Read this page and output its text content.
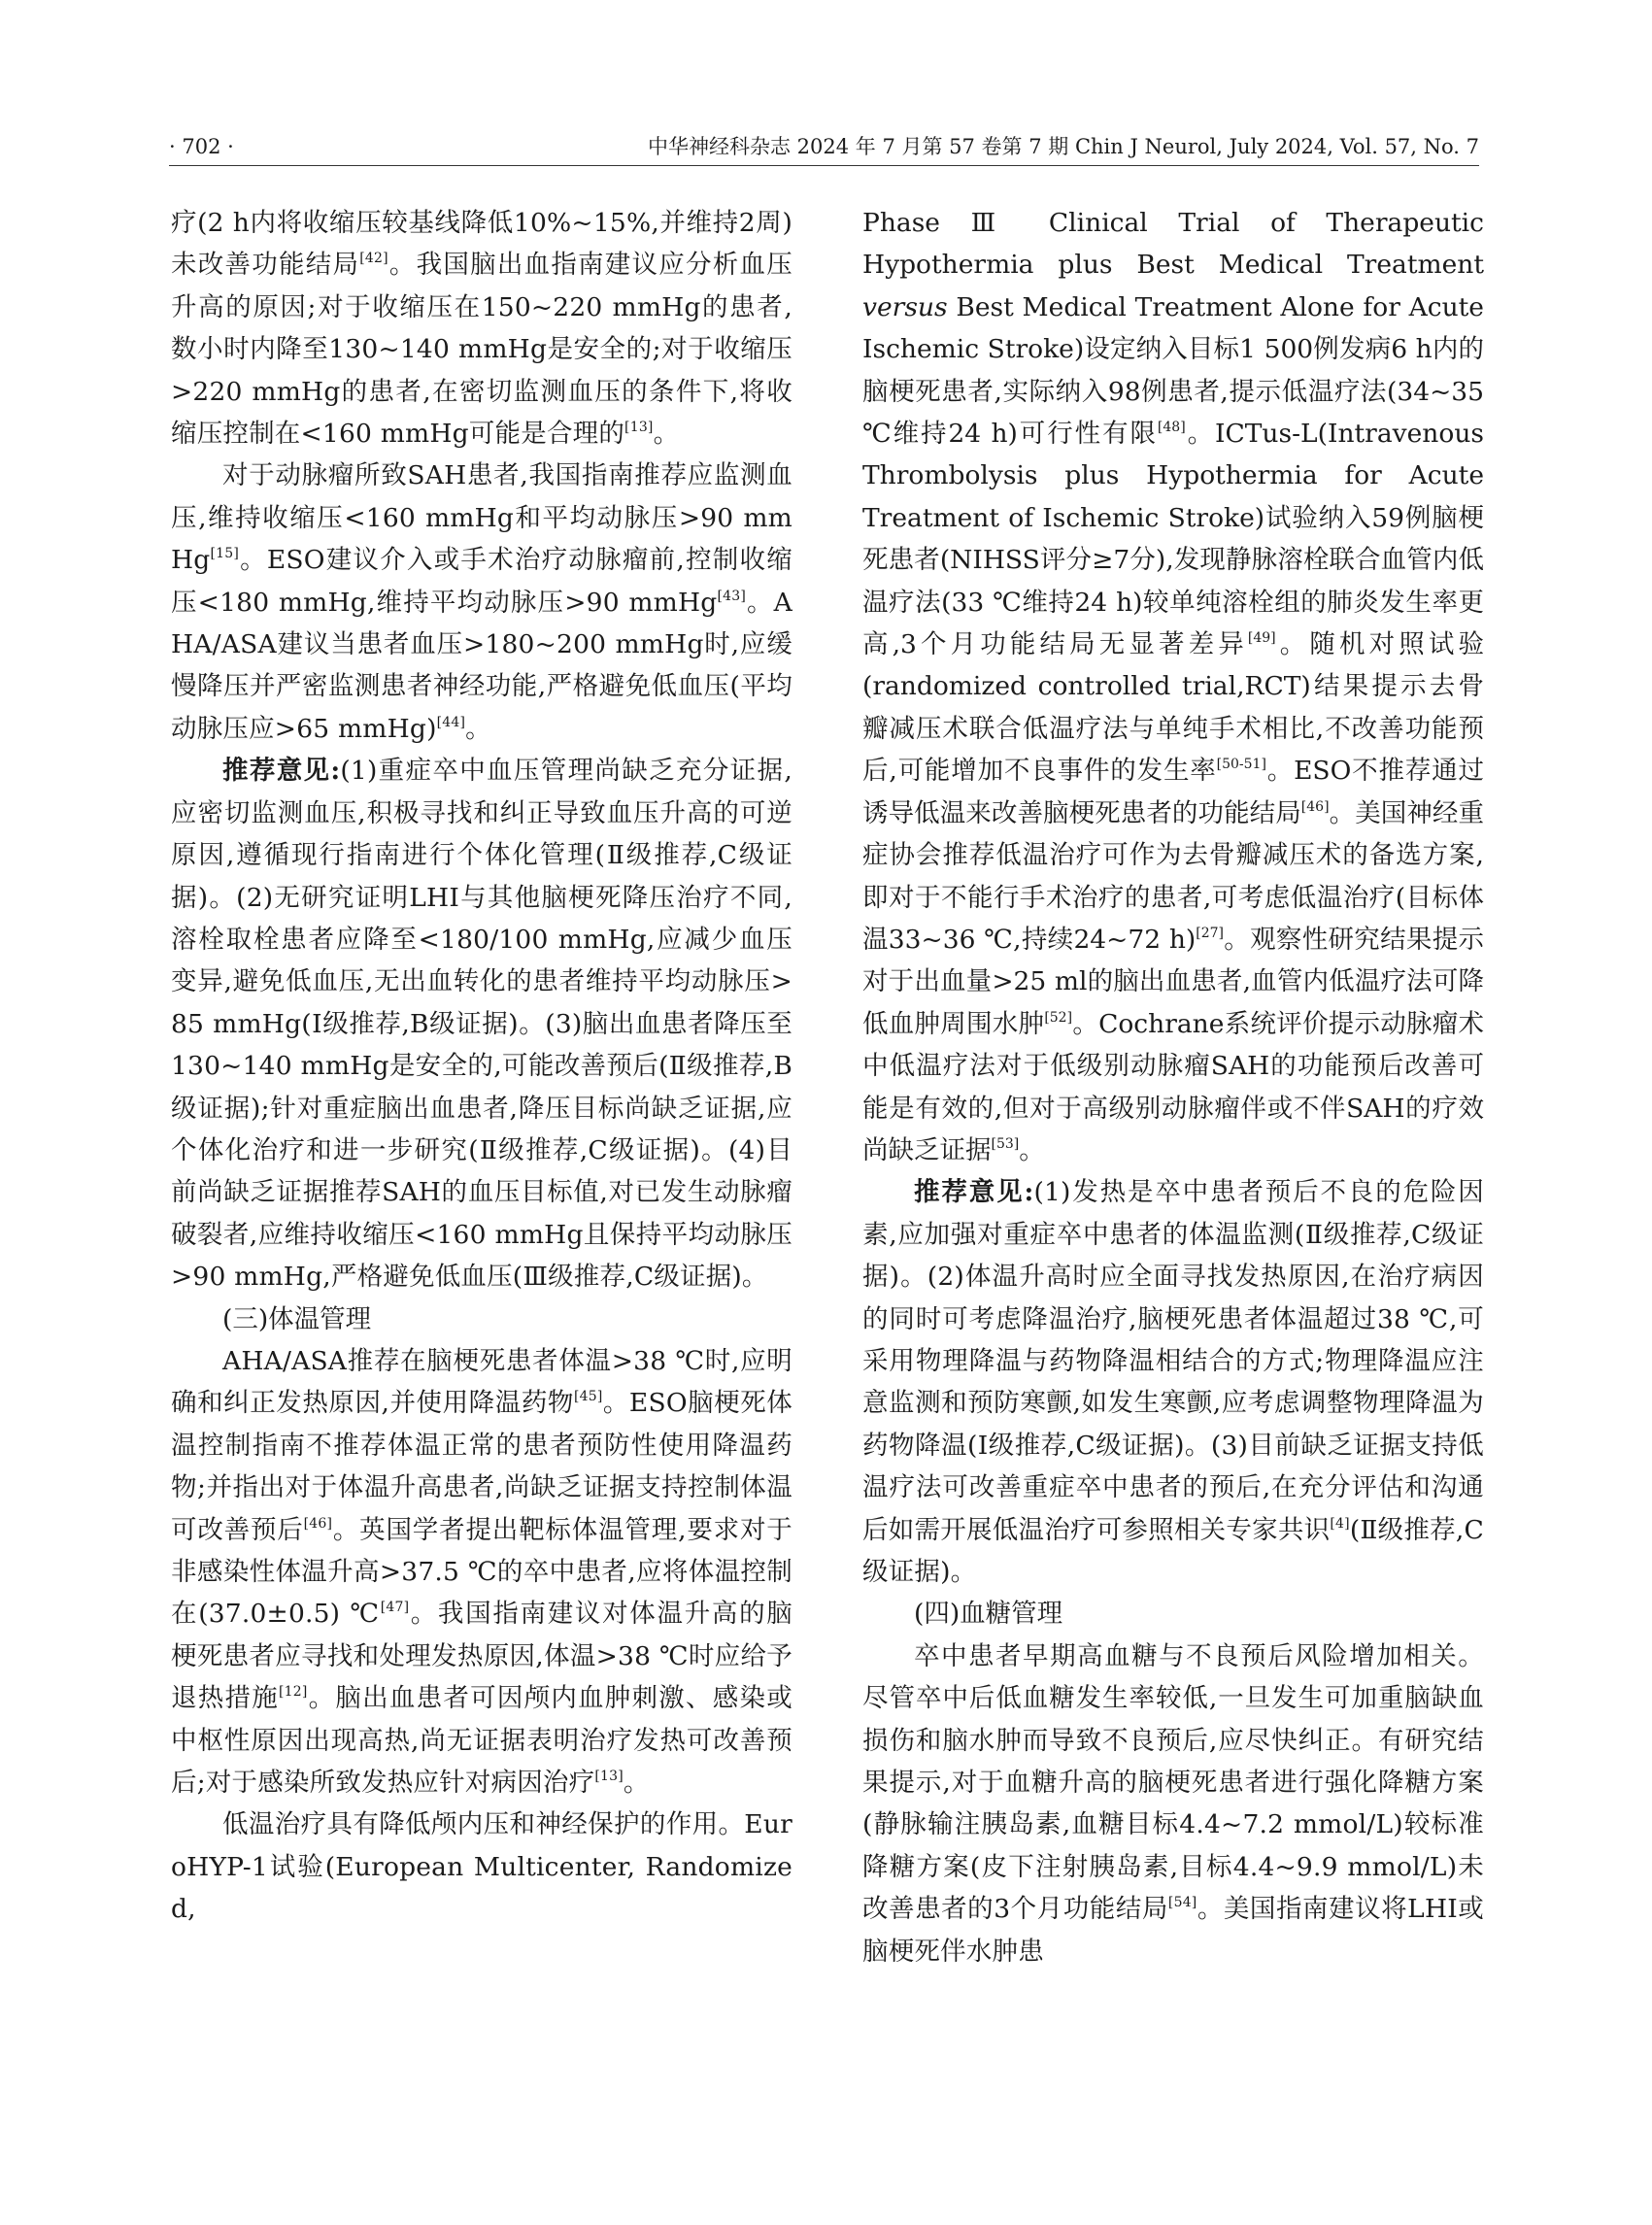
· 702 ·	中华神经科杂志 2024 年 7 月第 57 卷第 7 期 Chin J Neurol, July 2024, Vol. 57, No. 7

疗(2 h内将收缩压较基线降低10%~15%,并维持2周)未改善功能结局[42]。我国脑出血指南建议应分析血压升高的原因;对于收缩压在150~220 mmHg的患者,数小时内降至130~140 mmHg是安全的;对于收缩压>220 mmHg的患者,在密切监测血压的条件下,将收缩压控制在<160 mmHg可能是合理的[13]。

对于动脉瘤所致SAH患者,我国指南推荐应监测血压,维持收缩压<160 mmHg和平均动脉压>90 mmHg[15]。ESO建议介入或手术治疗动脉瘤前,控制收缩压<180 mmHg,维持平均动脉压>90 mmHg[43]。AHA/ASA建议当患者血压>180~200 mmHg时,应缓慢降压并严密监测患者神经功能,严格避免低血压(平均动脉压应>65 mmHg)[44]。

推荐意见:(1)重症卒中血压管理尚缺乏充分证据,应密切监测血压,积极寻找和纠正导致血压升高的可逆原因,遵循现行指南进行个体化管理(Ⅱ级推荐,C级证据)。(2)无研究证明LHI与其他脑梗死降压治疗不同,溶栓取栓患者应降至<180/100 mmHg,应减少血压变异,避免低血压,无出血转化的患者维持平均动脉压>85 mmHg(Ⅰ级推荐,B级证据)。(3)脑出血患者降压至130~140 mmHg是安全的,可能改善预后(Ⅱ级推荐,B级证据);针对重症脑出血患者,降压目标尚缺乏证据,应个体化治疗和进一步研究(Ⅱ级推荐,C级证据)。(4)目前尚缺乏证据推荐SAH的血压目标值,对已发生动脉瘤破裂者,应维持收缩压<160 mmHg且保持平均动脉压>90 mmHg,严格避免低血压(Ⅲ级推荐,C级证据)。

(三)体温管理

AHA/ASA推荐在脑梗死患者体温>38 ℃时,应明确和纠正发热原因,并使用降温药物[45]。ESO脑梗死体温控制指南不推荐体温正常的患者预防性使用降温药物;并指出对于体温升高患者,尚缺乏证据支持控制体温可改善预后[46]。英国学者提出靶标体温管理,要求对于非感染性体温升高>37.5 ℃的卒中患者,应将体温控制在(37.0±0.5) ℃[47]。我国指南建议对体温升高的脑梗死患者应寻找和处理发热原因,体温>38 ℃时应给予退热措施[12]。脑出血患者可因颅内血肿刺激、感染或中枢性原因出现高热,尚无证据表明治疗发热可改善预后;对于感染所致发热应针对病因治疗[13]。

低温治疗具有降低颅内压和神经保护的作用。EuroHYP-1试验(European Multicenter, Randomized,

Phase Ⅲ Clinical Trial of Therapeutic Hypothermia plus Best Medical Treatment versus Best Medical Treatment Alone for Acute Ischemic Stroke)设定纳入目标1 500例发病6 h内的脑梗死患者,实际纳入98例患者,提示低温疗法(34~35 ℃维持24 h)可行性有限[48]。ICTus-L(Intravenous Thrombolysis plus Hypothermia for Acute Treatment of Ischemic Stroke)试验纳入59例脑梗死患者(NIHSS评分≥7分),发现静脉溶栓联合血管内低温疗法(33 ℃维持24 h)较单纯溶栓组的肺炎发生率更高,3个月功能结局无显著差异[49]。随机对照试验(randomized controlled trial,RCT)结果提示去骨瓣减压术联合低温疗法与单纯手术相比,不改善功能预后,可能增加不良事件的发生率[50-51]。ESO不推荐通过诱导低温来改善脑梗死患者的功能结局[46]。美国神经重症协会推荐低温治疗可作为去骨瓣减压术的备选方案,即对于不能行手术治疗的患者,可考虑低温治疗(目标体温33~36 ℃,持续24~72 h)[27]。观察性研究结果提示对于出血量>25 ml的脑出血患者,血管内低温疗法可降低血肿周围水肿[52]。Cochrane系统评价提示动脉瘤术中低温疗法对于低级别动脉瘤SAH的功能预后改善可能是有效的,但对于高级别动脉瘤伴或不伴SAH的疗效尚缺乏证据[53]。

推荐意见:(1)发热是卒中患者预后不良的危险因素,应加强对重症卒中患者的体温监测(Ⅱ级推荐,C级证据)。(2)体温升高时应全面寻找发热原因,在治疗病因的同时可考虑降温治疗,脑梗死患者体温超过38 ℃,可采用物理降温与药物降温相结合的方式;物理降温应注意监测和预防寒颤,如发生寒颤,应考虑调整物理降温为药物降温(Ⅰ级推荐,C级证据)。(3)目前缺乏证据支持低温疗法可改善重症卒中患者的预后,在充分评估和沟通后如需开展低温治疗可参照相关专家共识[4](Ⅱ级推荐,C级证据)。

(四)血糖管理

卒中患者早期高血糖与不良预后风险增加相关。尽管卒中后低血糖发生率较低,一旦发生可加重脑缺血损伤和脑水肿而导致不良预后,应尽快纠正。有研究结果提示,对于血糖升高的脑梗死患者进行强化降糖方案(静脉输注胰岛素,血糖目标4.4~7.2 mmol/L)较标准降糖方案(皮下注射胰岛素,目标4.4~9.9 mmol/L)未改善患者的3个月功能结局[54]。美国指南建议将LHI或脑梗死伴水肿患
